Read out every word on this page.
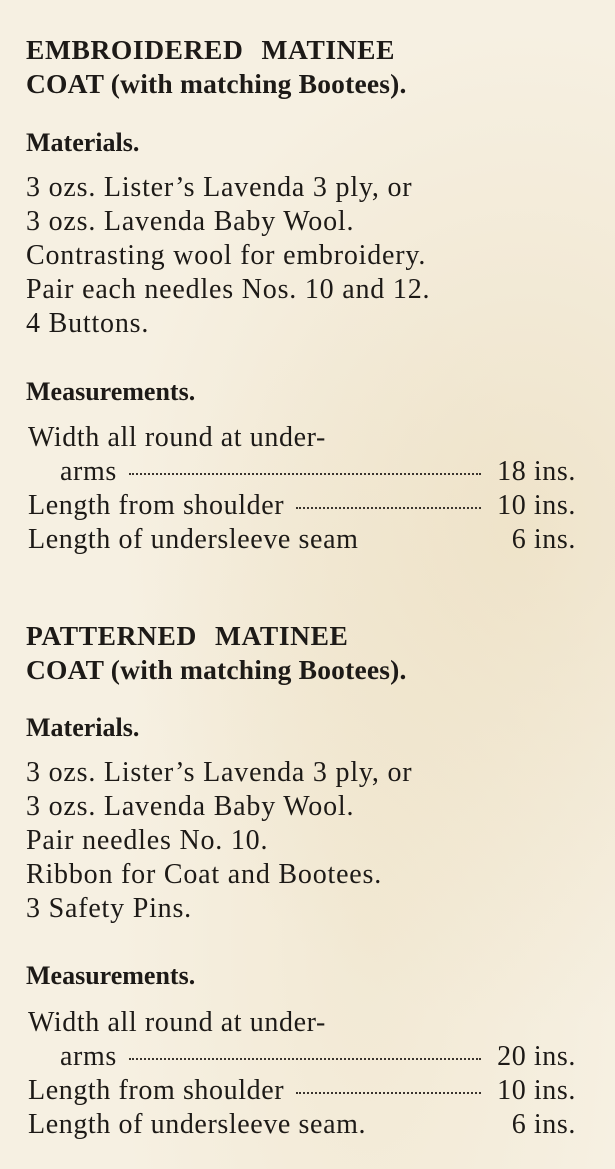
EMBROIDERED MATINEE
COAT (with matching Bootees).
Materials.
3 ozs. Lister’s Lavenda 3 ply, or
3 ozs. Lavenda Baby Wool.
Contrasting wool for embroidery.
Pair each needles Nos. 10 and 12.
4 Buttons.
Measurements.
Width all round at under-
arms	18 ins.
Length from shoulder	10 ins.
Length of undersleeve seam	6 ins.
PATTERNED MATINEE
COAT (with matching Bootees).
Materials.
3 ozs. Lister’s Lavenda 3 ply, or
3 ozs. Lavenda Baby Wool.
Pair needles No. 10.
Ribbon for Coat and Bootees.
3 Safety Pins.
Measurements.
Width all round at under-
arms	20 ins.
Length from shoulder	10 ins.
Length of undersleeve seam.	6 ins.
